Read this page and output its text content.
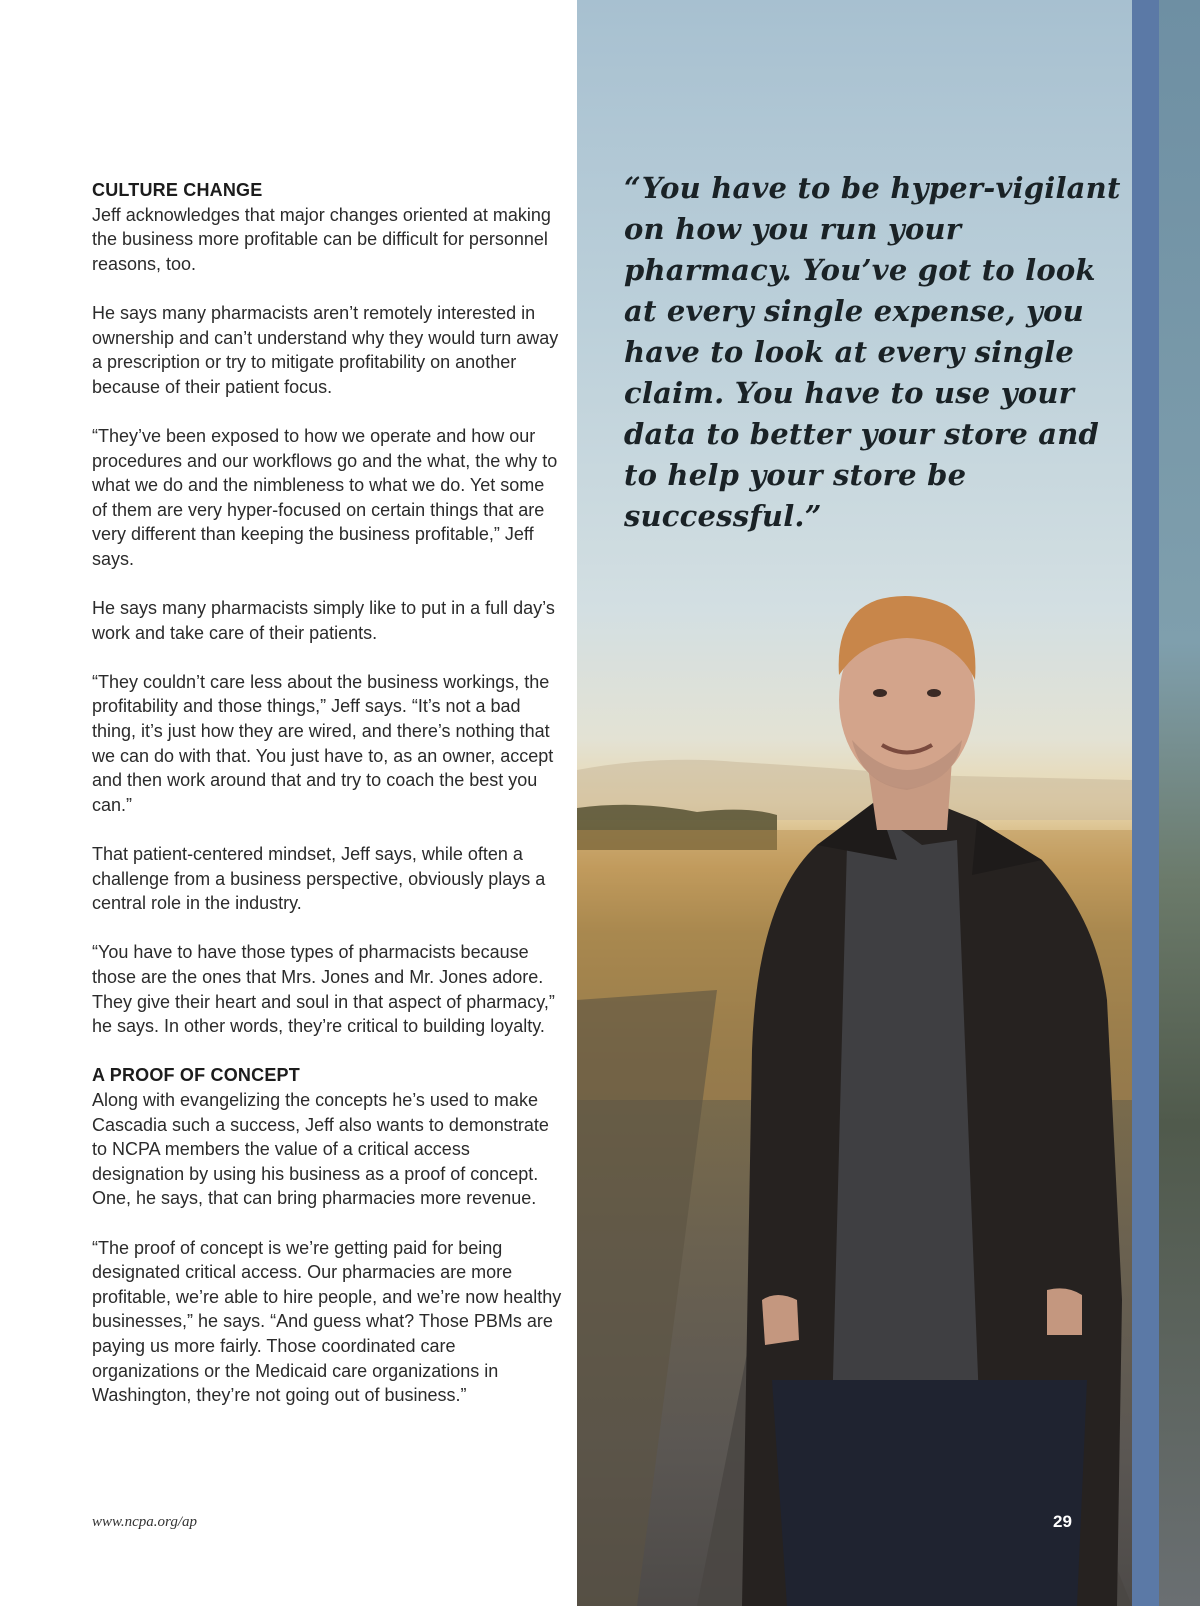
CULTURE CHANGE

Jeff acknowledges that major changes oriented at making the business more profitable can be difficult for personnel reasons, too.

He says many pharmacists aren’t remotely interested in ownership and can’t understand why they would turn away a prescription or try to mitigate profitability on another because of their patient focus.

“They’ve been exposed to how we operate and how our procedures and our workflows go and the what, the why to what we do and the nimbleness to what we do. Yet some of them are very hyper-focused on certain things that are very different than keeping the business profitable,” Jeff says.

He says many pharmacists simply like to put in a full day’s work and take care of their patients.

“They couldn’t care less about the business workings, the profitability and those things,” Jeff says. “It’s not a bad thing, it’s just how they are wired, and there’s nothing that we can do with that. You just have to, as an owner, accept and then work around that and try to coach the best you can.”

That patient-centered mindset, Jeff says, while often a challenge from a business perspective, obviously plays a central role in the industry.

“You have to have those types of pharmacists because those are the ones that Mrs. Jones and Mr. Jones adore. They give their heart and soul in that aspect of pharmacy,” he says. In other words, they’re critical to building loyalty.

A PROOF OF CONCEPT

Along with evangelizing the concepts he’s used to make Cascadia such a success, Jeff also wants to demonstrate to NCPA members the value of a critical access designation by using his business as a proof of concept. One, he says, that can bring pharmacies more revenue.

“The proof of concept is we’re getting paid for being designated critical access. Our pharmacies are more profitable, we’re able to hire people, and we’re now healthy businesses,” he says. “And guess what? Those PBMs are paying us more fairly. Those coordinated care organizations or the Medicaid care organizations in Washington, they’re not going out of business.”

www.ncpa.org/ap
“You have to be hyper-vigilant on how you run your pharmacy. You’ve got to look at every single expense, you have to look at every single claim. You have to use your data to better your store and to help your store be successful.”
29
